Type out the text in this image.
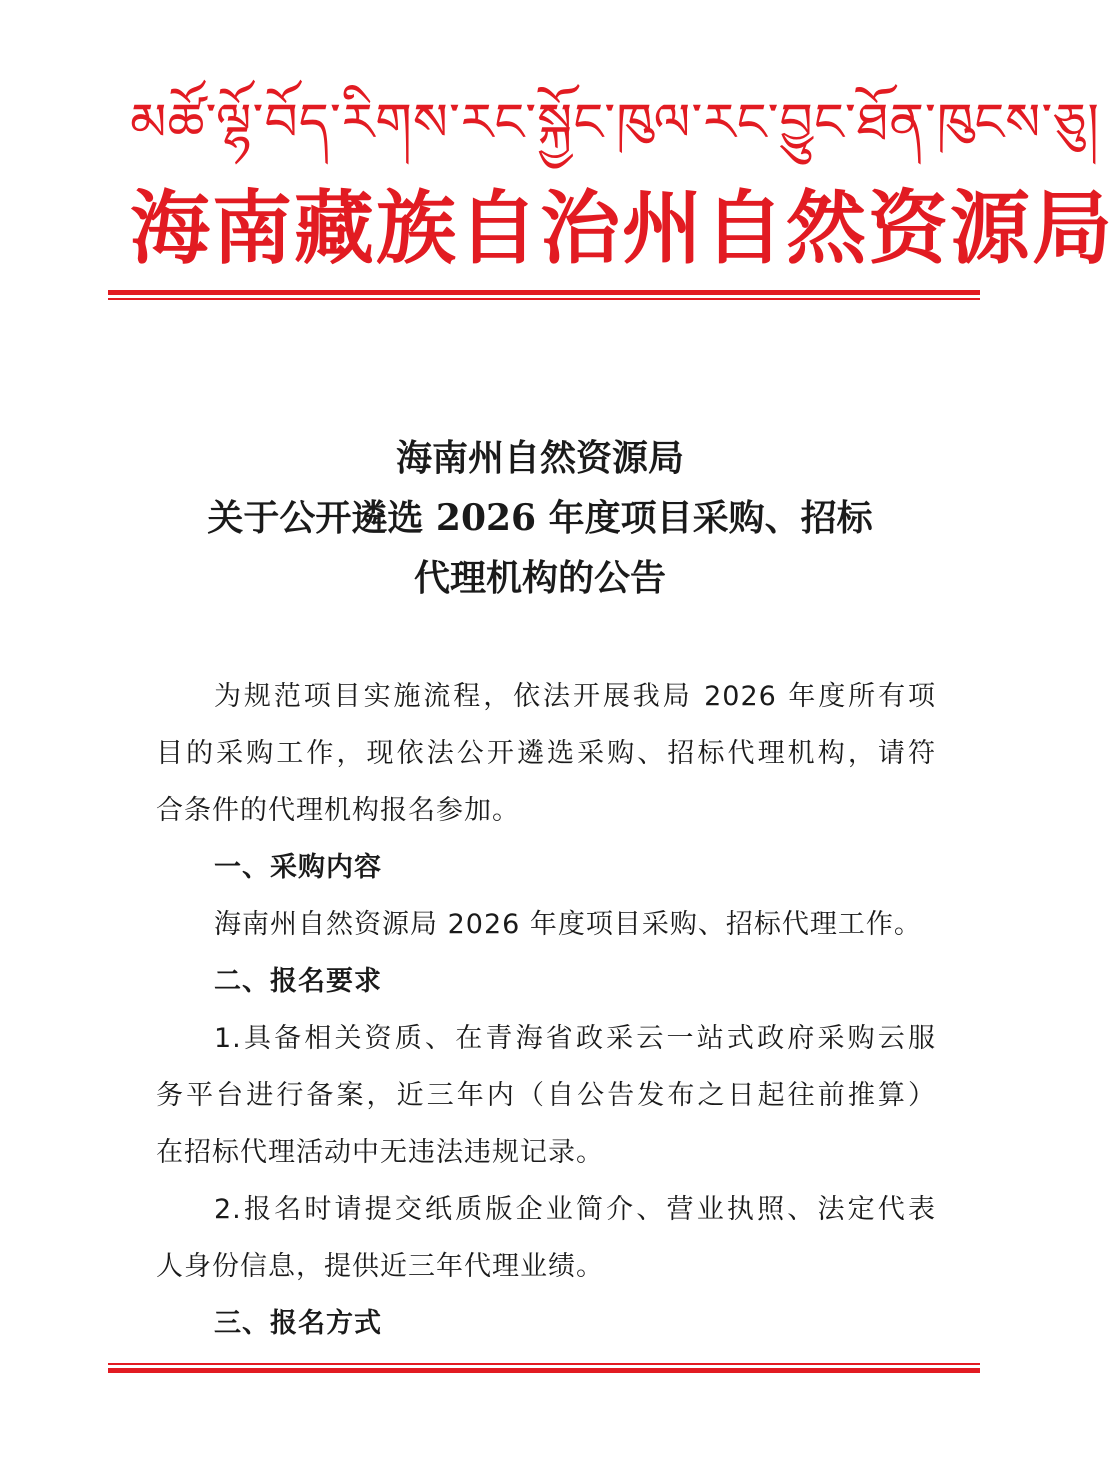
མཚོ་ལྷོ་བོད་རིགས་རང་སྐྱོང་ཁུལ་རང་བྱུང་ཐོན་ཁུངས་ཅུ།
海南藏族自治州自然资源局
海南州自然资源局
关于公开遴选 2026 年度项目采购、招标
代理机构的公告
为规范项目实施流程，依法开展我局 2026 年度所有项
目的采购工作，现依法公开遴选采购、招标代理机构，请符
合条件的代理机构报名参加。
一、采购内容
海南州自然资源局 2026 年度项目采购、招标代理工作。
二、报名要求
1.具备相关资质、在青海省政采云一站式政府采购云服
务平台进行备案，近三年内（自公告发布之日起往前推算）
在招标代理活动中无违法违规记录。
2.报名时请提交纸质版企业简介、营业执照、法定代表
人身份信息，提供近三年代理业绩。
三、报名方式
